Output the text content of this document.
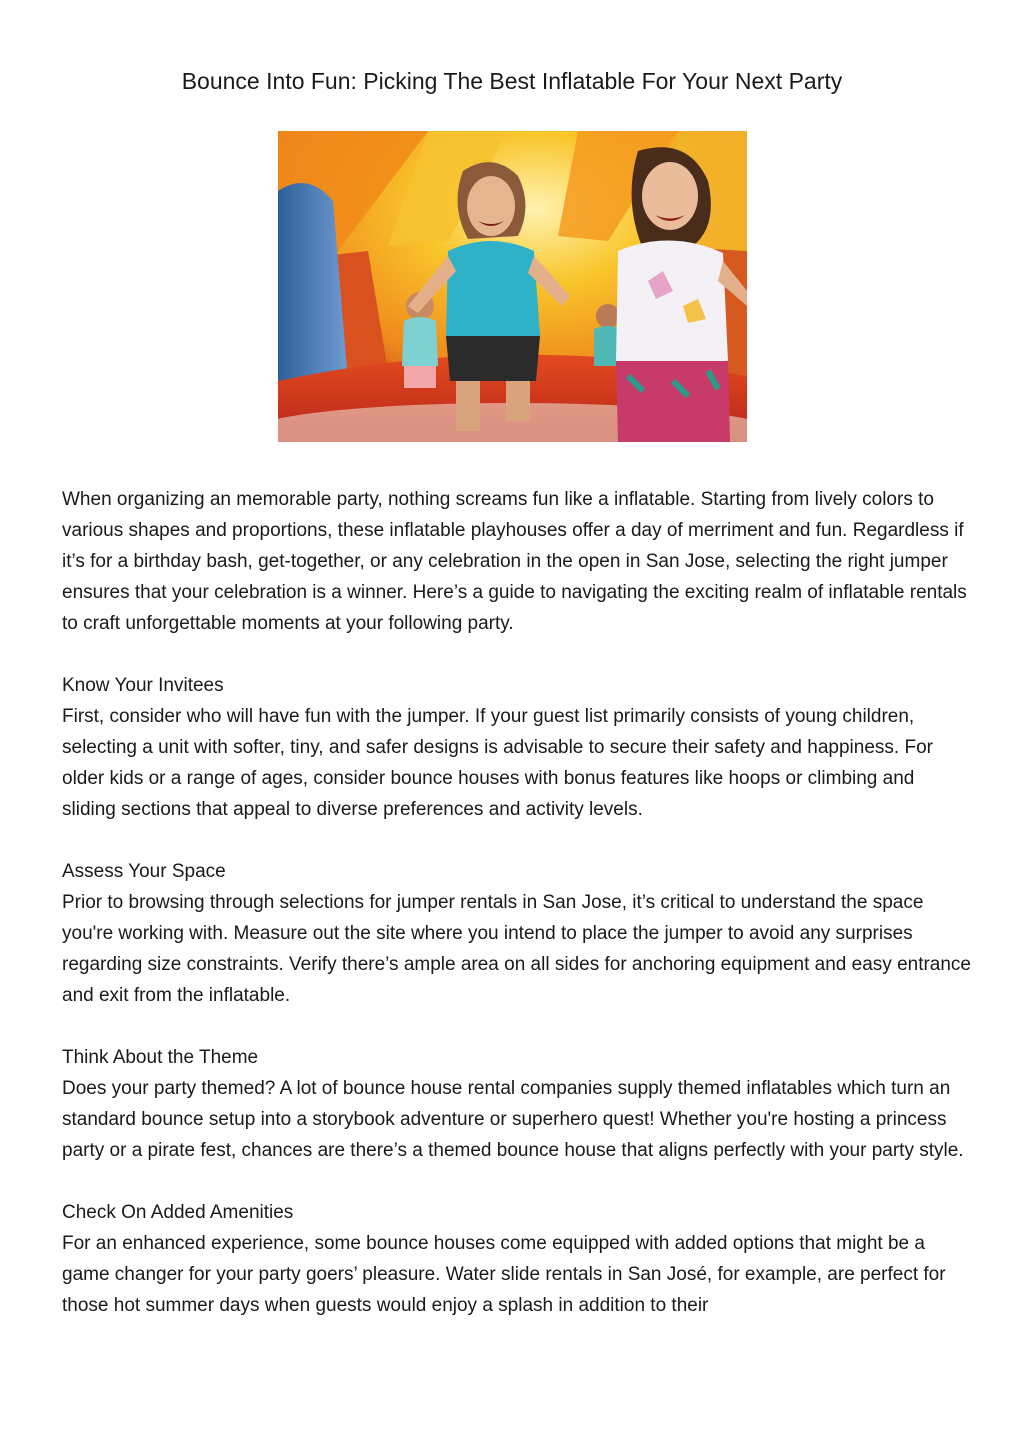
Bounce Into Fun: Picking The Best Inflatable For Your Next Party

When organizing an memorable party, nothing screams fun like a inflatable. Starting from lively colors to various shapes and proportions, these inflatable playhouses offer a day of merriment and fun. Regardless if it’s for a birthday bash, get-together, or any celebration in the open in San Jose, selecting the right jumper ensures that your celebration is a winner. Here’s a guide to navigating the exciting realm of inflatable rentals to craft unforgettable moments at your following party.

Know Your Invitees
First, consider who will have fun with the jumper. If your guest list primarily consists of young children, selecting a unit with softer, tiny, and safer designs is advisable to secure their safety and happiness. For older kids or a range of ages, consider bounce houses with bonus features like hoops or climbing and sliding sections that appeal to diverse preferences and activity levels.
Assess Your Space
Prior to browsing through selections for jumper rentals in San Jose, it’s critical to understand the space you're working with. Measure out the site where you intend to place the jumper to avoid any surprises regarding size constraints. Verify there’s ample area on all sides for anchoring equipment and easy entrance and exit from the inflatable.
Think About the Theme
Does your party themed? A lot of bounce house rental companies supply themed inflatables which turn an standard bounce setup into a storybook adventure or superhero quest! Whether you're hosting a princess party or a pirate fest, chances are there’s a themed bounce house that aligns perfectly with your party style.
Check On Added Amenities
For an enhanced experience, some bounce houses come equipped with added options that might be a game changer for your party goers’ pleasure. Water slide rentals in San José, for example, are perfect for those hot summer days when guests would enjoy a splash in addition to their
